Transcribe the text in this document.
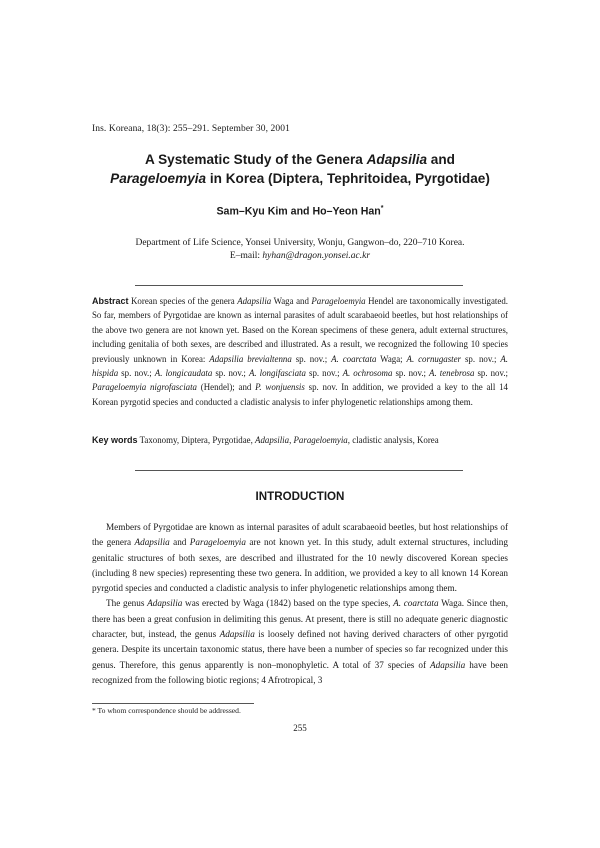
Ins. Koreana, 18(3): 255–291. September 30, 2001
A Systematic Study of the Genera Adapsilia and
Parageloemyia in Korea (Diptera, Tephritoidea, Pyrgotidae)
Sam–Kyu Kim and Ho–Yeon Han*
Department of Life Science, Yonsei University, Wonju, Gangwon–do, 220–710 Korea.
E–mail: hyhan@dragon.yonsei.ac.kr
Abstract Korean species of the genera Adapsilia Waga and Parageloemyia Hendel are taxonomically investigated. So far, members of Pyrgotidae are known as internal parasites of adult scarabaeoid beetles, but host relationships of the above two genera are not known yet. Based on the Korean specimens of these genera, adult external structures, including genitalia of both sexes, are described and illustrated. As a result, we recognized the following 10 species previously unknown in Korea: Adapsilia brevialtenna sp. nov.; A. coarctata Waga; A. cornugaster sp. nov.; A. hispida sp. nov.; A. longicaudata sp. nov.; A. longifasciata sp. nov.; A. ochrosoma sp. nov.; A. tenebrosa sp. nov.; Parageloemyia nigrofasciata (Hendel); and P. wonjuensis sp. nov. In addition, we provided a key to the all 14 Korean pyrgotid species and conducted a cladistic analysis to infer phylogenetic relationships among them.
Key words Taxonomy, Diptera, Pyrgotidae, Adapsilia, Parageloemyia, cladistic analysis, Korea
INTRODUCTION

Members of Pyrgotidae are known as internal parasites of adult scarabaeoid beetles, but host relationships of the genera Adapsilia and Parageloemyia are not known yet. In this study, adult external structures, including genitalic structures of both sexes, are described and illustrated for the 10 newly discovered Korean species (including 8 new species) representing these two genera. In addition, we provided a key to all known 14 Korean pyrgotid species and conducted a cladistic analysis to infer phylogenetic relationships among them.

The genus Adapsilia was erected by Waga (1842) based on the type species, A. coarctata Waga. Since then, there has been a great confusion in delimiting this genus. At present, there is still no adequate generic diagnostic character, but, instead, the genus Adapsilia is loosely defined not having derived characters of other pyrgotid genera. Despite its uncertain taxonomic status, there have been a number of species so far recognized under this genus. Therefore, this genus apparently is non–monophyletic. A total of 37 species of Adapsilia have been recognized from the following biotic regions; 4 Afrotropical, 3

* To whom correspondence should be addressed.
255
